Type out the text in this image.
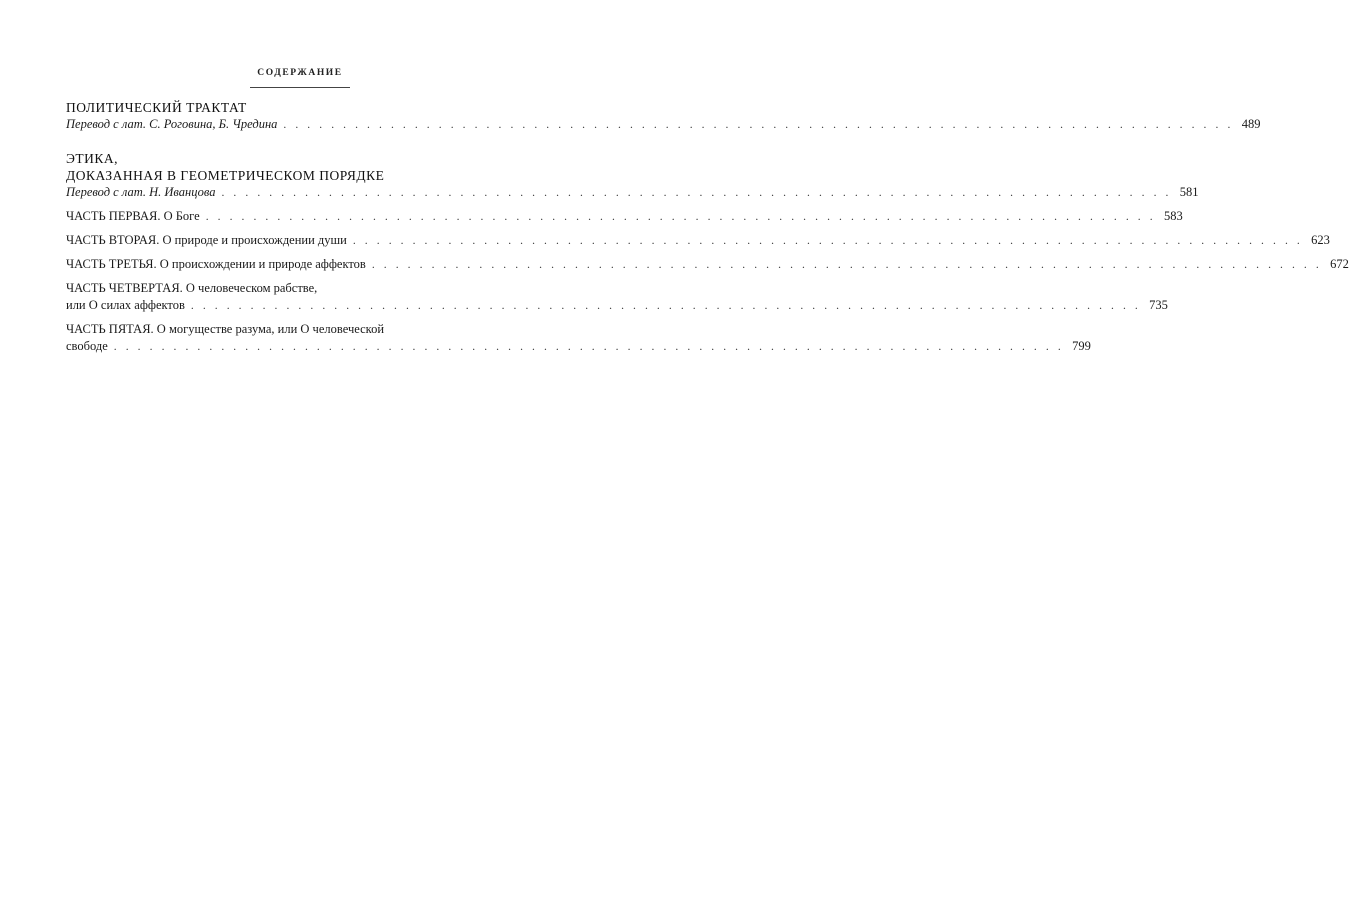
СОДЕРЖАНИЕ
ПОЛИТИЧЕСКИЙ ТРАКТАТ
Перевод с лат. С. Роговина, Б. Чредина . . . . . . . . . . . . . . . . . . . . . . . . . . . . . . . . . . . . . . . . . . . . . . . . . . . . . . . . . . . . . . . . . . . . . . . . . . . . . . . . 489
ЭТИКА,
ДОКАЗАННАЯ В ГЕОМЕТРИЧЕСКОМ ПОРЯДКЕ
Перевод с лат. Н. Иванцова . . . . . . . . . . . . . . . . . . . . . . . . . . . . . . . . . . . . . . . . . . . . . . . . . . . . . . . . . . . . . . . . . . . . . . . . . . . . . . . . 581
ЧАСТЬ ПЕРВАЯ. О Боге . . . . . . . . . . . . . . . . . . . . . . . . . . . . . . . . . . . . . . . . . . . . . . . . . . . . . . . . . . . . . . . . . . . . . . . . . . . . . . . . 583
ЧАСТЬ ВТОРАЯ. О природе и происхождении души . . . . . . . . . . . . . . . . . . . . . . . . . . . . . . . . . . . . . . . . . . . . . . . . . . . . . . . . . . . . . . . . . . . . . . . . . . . . . . . . 623
ЧАСТЬ ТРЕТЬЯ. О происхождении и природе аффектов . . . . . . . . . . . . . . . . . . . . . . . . . . . . . . . . . . . . . . . . . . . . . . . . . . . . . . . . . . . . . . . . . . . . . . . . . . . . . . . . 672
ЧАСТЬ ЧЕТВЕРТАЯ. О человеческом рабстве,
или О силах аффектов . . . . . . . . . . . . . . . . . . . . . . . . . . . . . . . . . . . . . . . . . . . . . . . . . . . . . . . . . . . . . . . . . . . . . . . . . . . . . . . . 735
ЧАСТЬ ПЯТАЯ. О могуществе разума, или О человеческой
свободе . . . . . . . . . . . . . . . . . . . . . . . . . . . . . . . . . . . . . . . . . . . . . . . . . . . . . . . . . . . . . . . . . . . . . . . . . . . . . . . . 799
